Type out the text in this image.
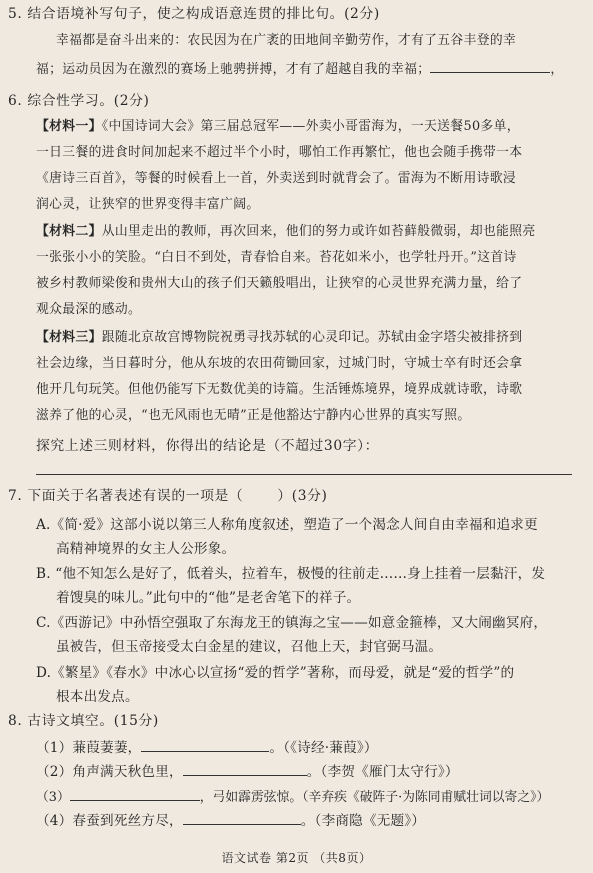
5. 结合语境补写句子，使之构成语意连贯的排比句。(2分)

幸福都是奋斗出来的：农民因为在广袤的田地间辛勤劳作，才有了五谷丰登的幸

福；运动员因为在激烈的赛场上驰骋拼搏，才有了超越自我的幸福；	，

6. 综合性学习。(2分)

【材料一】《中国诗词大会》第三届总冠军——外卖小哥雷海为，一天送餐50多单，

一日三餐的进食时间加起来不超过半个小时，哪怕工作再繁忙，他也会随手携带一本

《唐诗三百首》，等餐的时候看上一首，外卖送到时就背会了。雷海为不断用诗歌浸

润心灵，让狭窄的世界变得丰富广阔。

【材料二】从山里走出的教师，再次回来，他们的努力或许如苔藓般微弱，却也能照亮

一张张小小的笑脸。“白日不到处，青春恰自来。苔花如米小，也学牡丹开。”这首诗

被乡村教师梁俊和贵州大山的孩子们天籁般唱出，让狭窄的心灵世界充满力量，给了

观众最深的感动。

【材料三】跟随北京故宫博物院祝勇寻找苏轼的心灵印记。苏轼由金字塔尖被排挤到

社会边缘，当日暮时分，他从东坡的农田荷锄回家，过城门时，守城士卒有时还会拿

他开几句玩笑。但他仍能写下无数优美的诗篇。生活锤炼境界，境界成就诗歌，诗歌

滋养了他的心灵，“也无风雨也无晴”正是他豁达宁静内心世界的真实写照。

探究上述三则材料，你得出的结论是（不超过30字）：

7. 下面关于名著表述有误的一项是（ ）(3分)

A.《简·爱》这部小说以第三人称角度叙述，塑造了一个渴念人间自由幸福和追求更

高精神境界的女主人公形象。

B. “他不知怎么是好了，低着头，拉着车，极慢的往前走……身上挂着一层黏汗，发

着馊臭的味儿。”此句中的“他”是老舍笔下的祥子。

C.《西游记》中孙悟空强取了东海龙王的镇海之宝——如意金箍棒，又大闹幽冥府，

虽被告，但玉帝接受太白金星的建议，召他上天，封官弼马温。

D.《繁星》《春水》中冰心以宣扬“爱的哲学”著称，而母爱，就是“爱的哲学”的

根本出发点。

8. 古诗文填空。(15分)

（1）蒹葭萋萋，	。（《诗经·蒹葭》）

（2）角声满天秋色里，	。（李贺《雁门太守行》）

（3）	，弓如霹雳弦惊。（辛弃疾《破阵子·为陈同甫赋壮词以寄之》）

（4）春蚕到死丝方尽，	。（李商隐《无题》）
语文试卷 第2页 （共8页）
